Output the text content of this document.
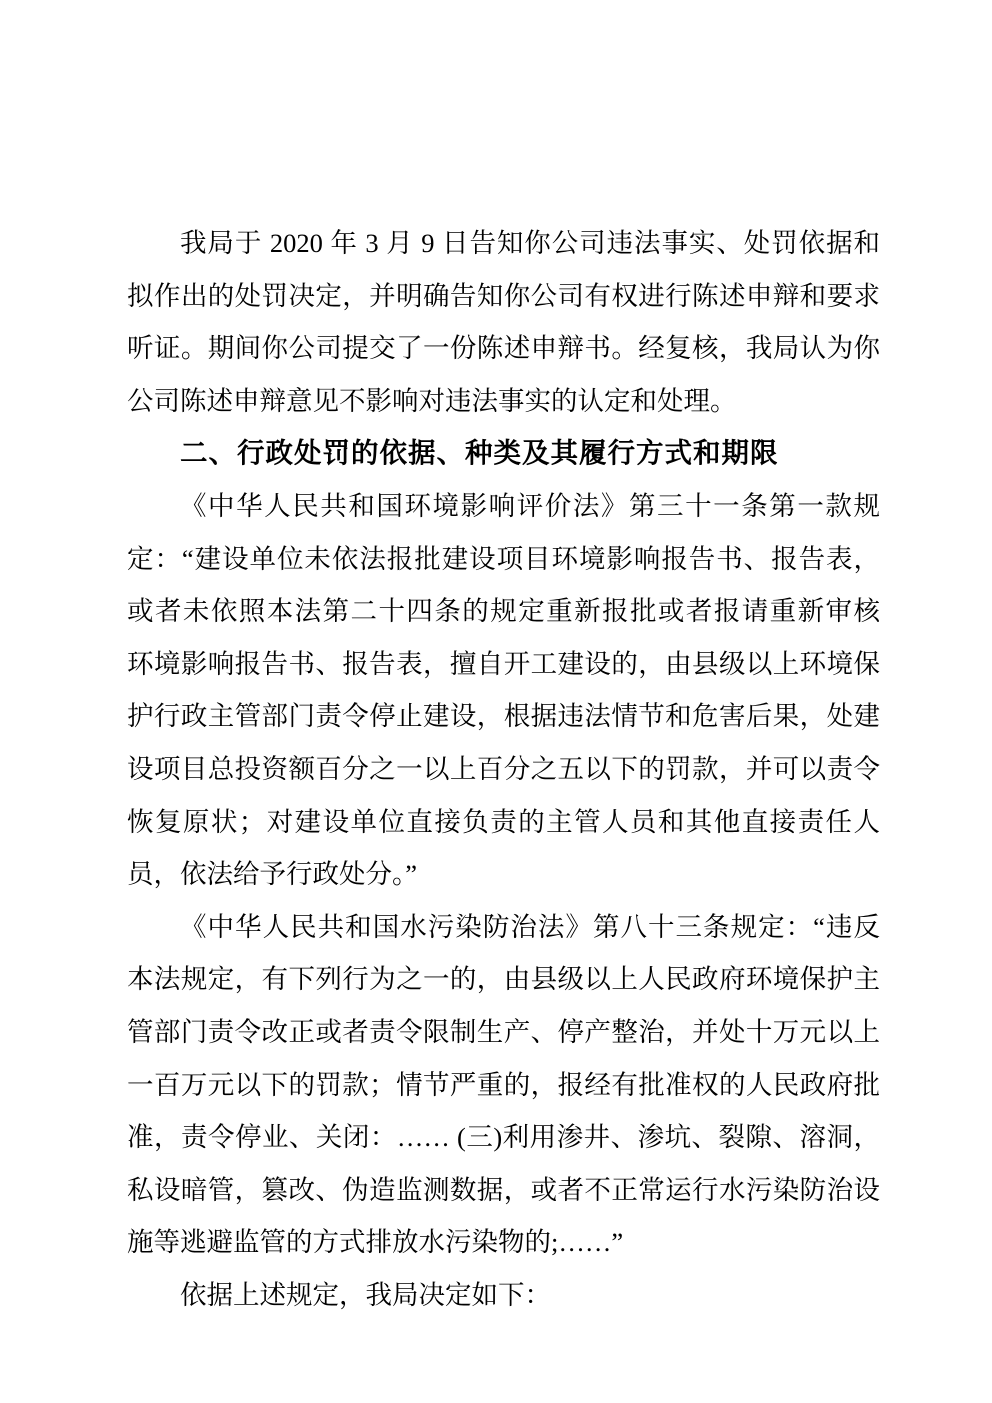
我局于 2020 年 3 月 9 日告知你公司违法事实、处罚依据和
拟作出的处罚决定，并明确告知你公司有权进行陈述申辩和要求
听证。期间你公司提交了一份陈述申辩书。经复核，我局认为你
公司陈述申辩意见不影响对违法事实的认定和处理。
二、行政处罚的依据、种类及其履行方式和期限
《中华人民共和国环境影响评价法》第三十一条第一款规
定：“建设单位未依法报批建设项目环境影响报告书、报告表，
或者未依照本法第二十四条的规定重新报批或者报请重新审核
环境影响报告书、报告表，擅自开工建设的，由县级以上环境保
护行政主管部门责令停止建设，根据违法情节和危害后果，处建
设项目总投资额百分之一以上百分之五以下的罚款，并可以责令
恢复原状；对建设单位直接负责的主管人员和其他直接责任人
员，依法给予行政处分。”
《中华人民共和国水污染防治法》第八十三条规定：“违反
本法规定，有下列行为之一的，由县级以上人民政府环境保护主
管部门责令改正或者责令限制生产、停产整治，并处十万元以上
一百万元以下的罚款；情节严重的，报经有批准权的人民政府批
准，责令停业、关闭：…… (三)利用渗井、渗坑、裂隙、溶洞，
私设暗管，篡改、伪造监测数据，或者不正常运行水污染防治设
施等逃避监管的方式排放水污染物的;……”
依据上述规定，我局决定如下：
